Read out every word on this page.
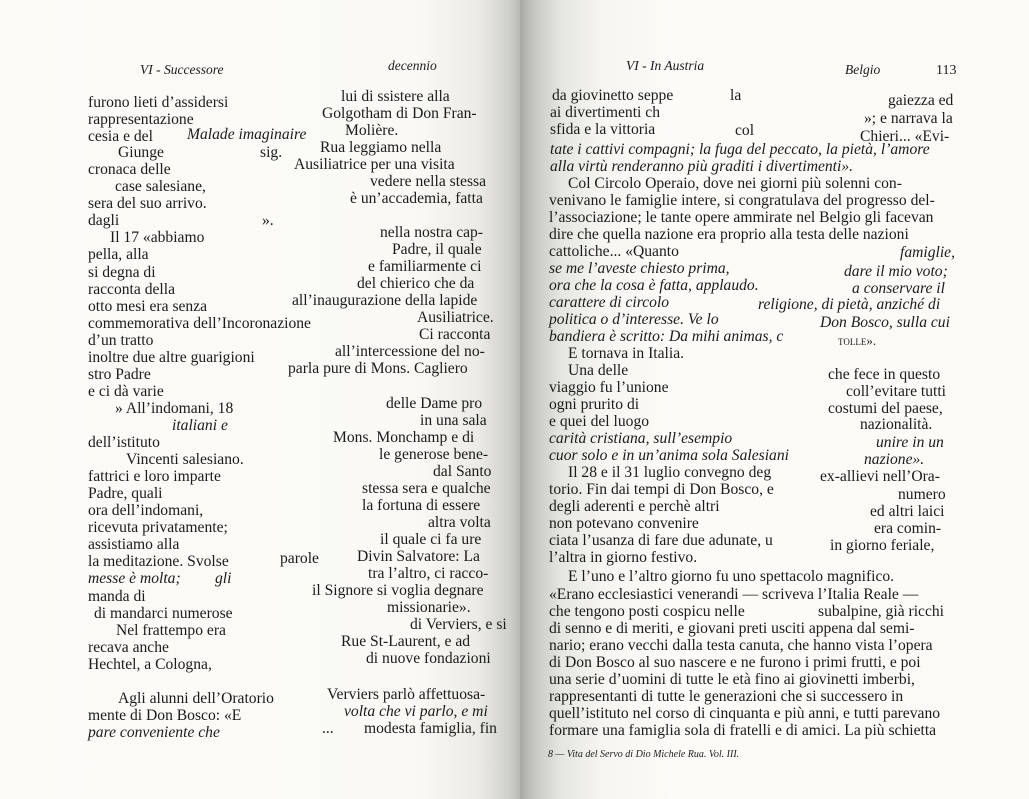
VI - Successore	decennio
furono lieti d’assidersi
rappresentazione
cesia e del Malade imaginaire
Giunge	sig.
cronaca delle
case salesiane,
sera del suo arrivo.
dagli	».
Il 17 «abbiamo
pella, alla
si degna di
racconta della
otto mesi era senza
commemorativa dell’Incoronazione
d’un tratto
inoltre due altre guarigioni
stro Padre
e ci dà varie
» All’indomani, 18
italiani e
dell’istituto
Vincenti salesiano.
fattrici e loro imparte
Padre, quali
ora dell’indomani,
ricevuta privatamente;
assistiamo alla
la meditazione. Svolse
messe è molta; gli
manda di
di mandarci numerose
Nel frattempo era
recava anche
Hechtel, a Cologna,
Agli alunni dell’Oratorio
mente di Don Bosco: «E
pare conveniente che
lui di ssistere alla
Golgotham di Don Fran-
Molière.
Rua leggiamo nella
Ausiliatrice per una visita
vedere nella stessa
è un’accademia, fatta
nella nostra cap-
Padre, il quale
e familiarmente ci
del chierico che da
all’inaugurazione della lapide
Ausiliatrice.
Ci racconta
all’intercessione del no-
parla pure di Mons. Cagliero
delle Dame pro
in una sala
Mons. Monchamp e di
le generose bene-
dal Santo
stessa sera e qualche
la fortuna di essere
altra volta
il quale ci fa ure
parole Divin Salvatore: La
tra l’altro, ci racco-
il Signore si voglia degnare
missionarie».
di Verviers, e si
Rue St-Laurent, e ad
di nuove fondazioni
Verviers parlò affettuosa-
volta che vi parlo, e mi
... modesta famiglia, fin
VI - In Austria	Belgio	113
da giovinetto seppe	la	gaiezza ed
ai divertimenti ch	»; e narrava la
sfida e la vittoria	col	Chieri... «Evi-
tate i cattivi compagni; la fuga del peccato, la pietà, l’amore
alla virtù renderanno più graditi i divertimenti».
Col Circolo Operaio, dove nei giorni più solenni con-
venivano le famiglie intere, si congratulava del progresso del-
l’associazione; le tante opere ammirate nel Belgio gli facevan
dire che quella nazione era proprio alla testa delle nazioni
cattoliche... «Quanto	famiglie,
se me l’aveste chiesto prima,	dare il mio voto;
ora che la cosa è fatta, applaudo.	a conservare il
carattere di circolo	religione, di pietà, anziché di
politica o d’interesse. Ve lo	Don Bosco, sulla cui
bandiera è scritto: Da mihi animas, c	tolle».
E tornava in Italia.
Una delle	che fece in questo
viaggio fu l’unione	coll’evitare tutti
ogni prurito di	costumi del paese,
e quei del luogo	nazionalità.
carità cristiana, sull’esempio	unire in un
cuor solo e in un’anima sola Salesiani	nazione».
Il 28 e il 31 luglio convegno deg	ex-allievi nell’Ora-
torio. Fin dai tempi di Don Bosco, e	numero
degli aderenti e perchè altri	ed altri laici
non potevano convenire	era comin-
ciata l’usanza di fare due adunate, u	in giorno feriale,
l’altra in giorno festivo.
E l’uno e l’altro giorno fu uno spettacolo magnifico.
«Erano ecclesiastici venerandi — scriveva l’Italia Reale —
che tengono posti cospicu nelle	subalpine, già ricchi
di senno e di meriti, e giovani preti usciti appena dal semi-
nario; erano vecchi dalla testa canuta, che hanno vista l’opera
di Don Bosco al suo nascere e ne furono i primi frutti, e poi
una serie d’uomini di tutte le età fino ai giovinetti imberbi,
rappresentanti di tutte le generazioni che si successero in
quell’istituto nel corso di cinquanta e più anni, e tutti parevano
formare una famiglia sola di fratelli e di amici. La più schietta
8 — Vita del Servo di Dio Michele Rua. Vol. III.
